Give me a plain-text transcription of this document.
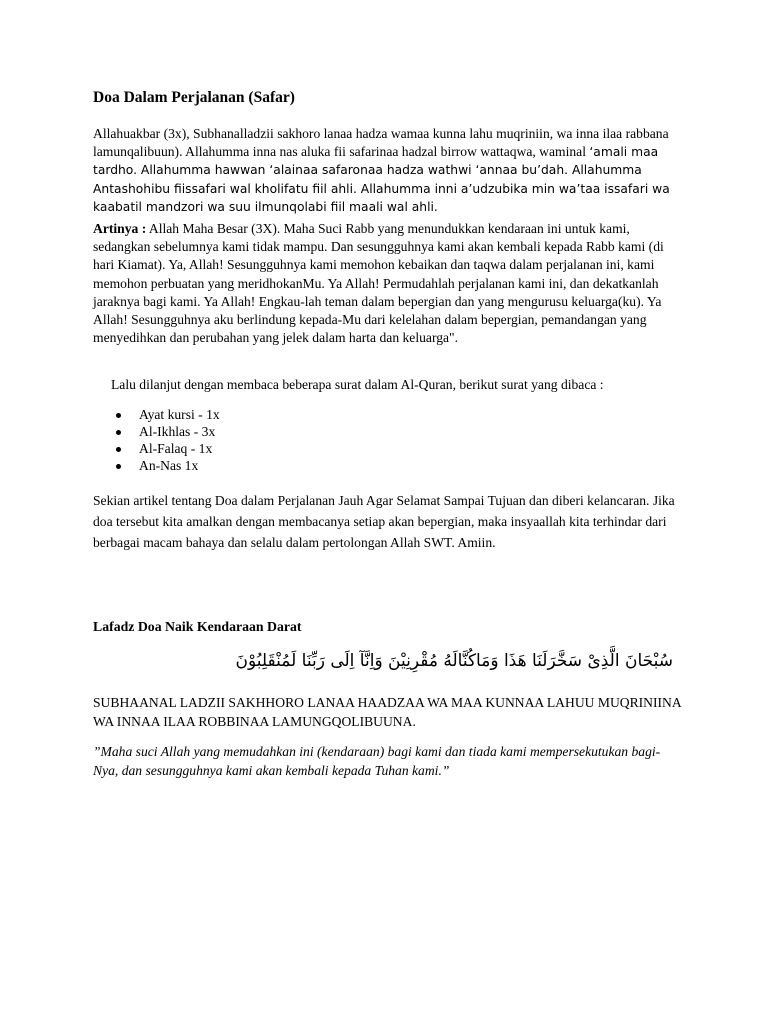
Doa Dalam Perjalanan (Safar)

Allahuakbar (3x), Subhanalladzii sakhoro lanaa hadza wamaa kunna lahu muqriniin, wa inna ilaa rabbana lamunqalibuun). Allahumma inna nas aluka fii safarinaa hadzal birrow wattaqwa, waminal ‘amali maa tardho. Allahumma hawwan ‘alainaa safaronaa hadza wathwi ‘annaa bu’dah. Allahumma Antashohibu fiissafari wal kholifatu fiil ahli. Allahumma inni a’udzubika min wa’taa issafari wa kaabatil mandzori wa suu ilmunqolabi fiil maali wal ahli.

Artinya : Allah Maha Besar (3X). Maha Suci Rabb yang menundukkan kendaraan ini untuk kami, sedangkan sebelumnya kami tidak mampu. Dan sesungguhnya kami akan kembali kepada Rabb kami (di hari Kiamat). Ya, Allah! Sesungguhnya kami memohon kebaikan dan taqwa dalam perjalanan ini, kami memohon perbuatan yang meridhokanMu. Ya Allah! Permudahlah perjalanan kami ini, dan dekatkanlah jaraknya bagi kami. Ya Allah! Engkau-lah teman dalam bepergian dan yang mengurusu keluarga(ku). Ya Allah! Sesungguhnya aku berlindung kepada-Mu dari kelelahan dalam bepergian, pemandangan yang menyedihkan dan perubahan yang jelek dalam harta dan keluarga".

Lalu dilanjut dengan membaca beberapa surat dalam Al-Quran, berikut surat yang dibaca :

Ayat kursi - 1x
Al-Ikhlas - 3x
Al-Falaq - 1x
An-Nas 1x

Sekian artikel tentang Doa dalam Perjalanan Jauh Agar Selamat Sampai Tujuan dan diberi kelancaran. Jika doa tersebut kita amalkan dengan membacanya setiap akan bepergian, maka insyaallah kita terhindar dari berbagai macam bahaya dan selalu dalam pertolongan Allah SWT. Amiin.

Lafadz Doa Naik Kendaraan Darat
سُبْحَانَ الَّذِىْ سَخَّرَلَنَا هَذَا وَمَاكُنَّالَهُ مُقْرِنِيْنَ وَاِنَّآ اِلَى رَبِّنَا لَمُنْقَلِبُوْنَ

SUBHAANAL LADZII SAKHHORO LANAA HAADZAA WA MAA KUNNAA LAHUU MUQRINIINA WA INNAA ILAA ROBBINAA LAMUNGQOLIBUUNA.

”Maha suci Allah yang memudahkan ini (kendaraan) bagi kami dan tiada kami mempersekutukan bagi-Nya, dan sesungguhnya kami akan kembali kepada Tuhan kami.”
